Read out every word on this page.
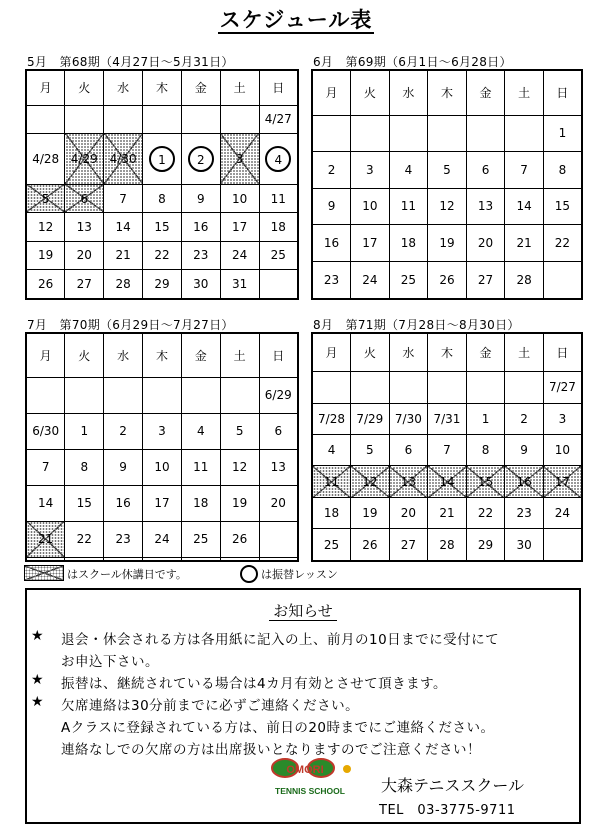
スケジュール表
5月　第68期（4月27日～5月31日）	6月　第69期（6月1日～6月28日）
7月　第70期（6月29日～7月27日）	8月　第71期（7月28日～8月30日）
月	火	水	木	金	土	日
						4/27
4/28	4/29	4/30	1	2	3	4
5	6	7	8	9	10	11
12	13	14	15	16	17	18
19	20	21	22	23	24	25
26	27	28	29	30	31	
月	火	水	木	金	土	日
						1
2	3	4	5	6	7	8
9	10	11	12	13	14	15
16	17	18	19	20	21	22
23	24	25	26	27	28	
月	火	水	木	金	土	日
						6/29
6/30	1	2	3	4	5	6
7	8	9	10	11	12	13
14	15	16	17	18	19	20
21	22	23	24	25	26	

月	火	水	木	金	土	日
						7/27
7/28	7/29	7/30	7/31	1	2	3
4	5	6	7	8	9	10
11	12	13	14	15	16	17
18	19	20	21	22	23	24
25	26	27	28	29	30	
はスクール休講日です。	は振替レッスン
お知らせ
★ 退会・休会される方は各用紙に記入の上、前月の10日までに受付にて
お申込下さい。
★ 振替は、継続されている場合は4カ月有効とさせて頂きます。
★ 欠席連絡は30分前までに必ずご連絡ください。
Aクラスに登録されている方は、前日の20時までにご連絡ください。
連絡なしでの欠席の方は出席扱いとなりますのでご注意ください！
OMORI
TENNIS SCHOOL 大森テニススクール
TEL　03-3775-9711
